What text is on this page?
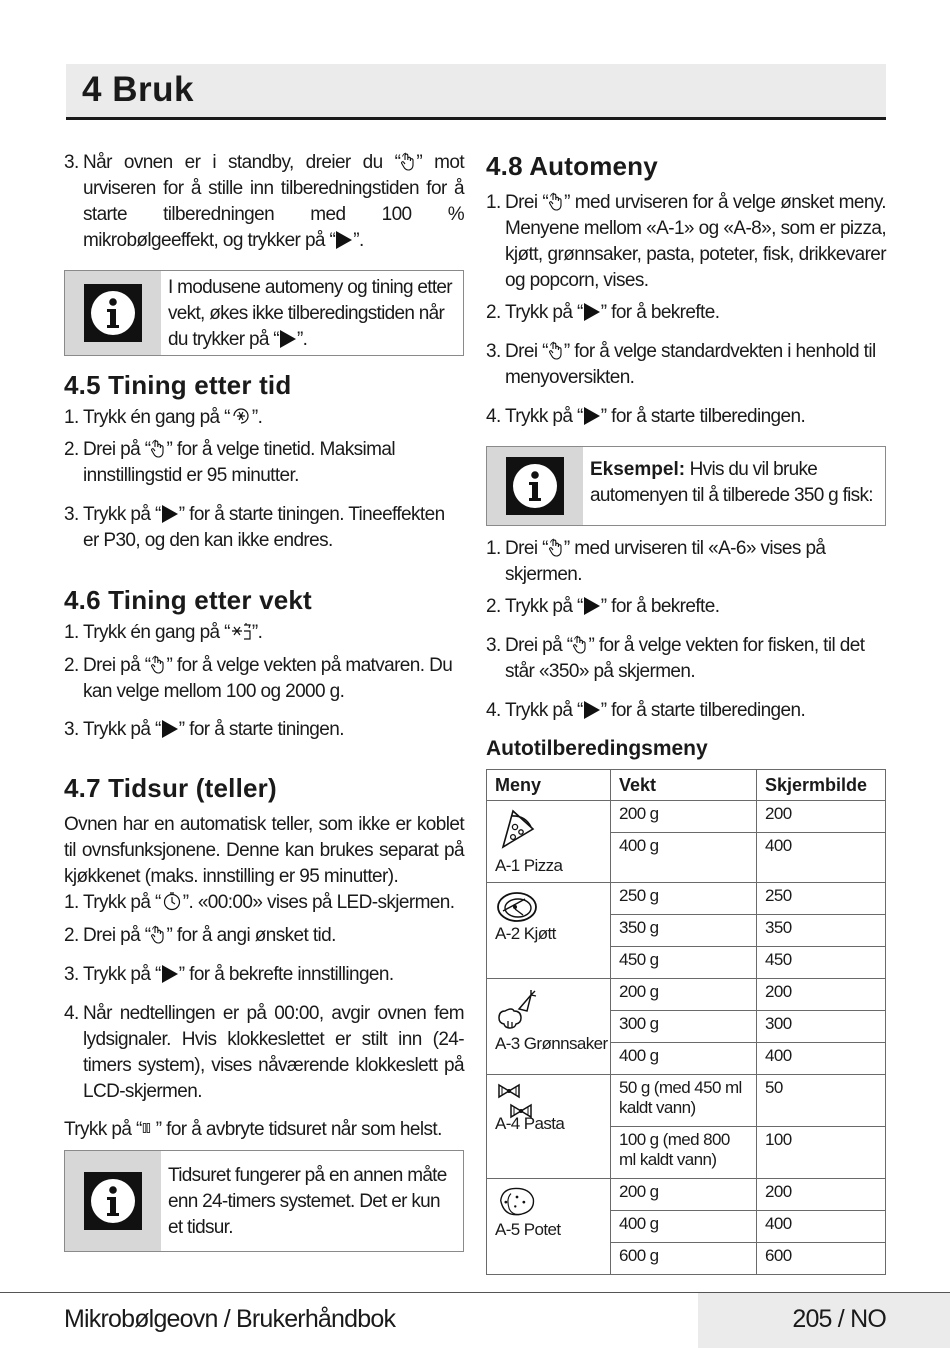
4 Bruk
3. Når ovnen er i standby, dreier du “ ” mot urviseren for å stille inn tilberedningstiden for å starte tilberedningen med 100 % mikrobølgeeffekt, og trykker på “ ”.
I modusene automeny og tining etter vekt, økes ikke tilberedingstiden når du trykker på “ ”.
4.5 Tining etter tid
1. Trykk én gang på “ ”.
2. Drei på “ ” for å velge tinetid. Maksimal innstillingstid er 95 minutter.
3. Trykk på “ ” for å starte tiningen. Tineeffekten er P30, og den kan ikke endres.
4.6 Tining etter vekt
1. Trykk én gang på “ ”.
2. Drei på “ ” for å velge vekten på matvaren. Du kan velge mellom 100 og 2000 g.
3. Trykk på “ ” for å starte tiningen.
4.7 Tidsur (teller)
Ovnen har en automatisk teller, som ikke er koblet til ovnsfunksjonene. Denne kan brukes separat på kjøkkenet (maks. innstilling er 95 minutter).
1. Trykk på “ ”. «00:00» vises på LED-skjermen.
2. Drei på “ ” for å angi ønsket tid.
3. Trykk på “ ” for å bekrefte innstillingen.
4. Når nedtellingen er på 00:00, avgir ovnen fem lydsignaler. Hvis klokkeslettet er stilt inn (24-timers system), vises nåværende klokkeslett på LCD-skjermen.
Trykk på “ ” for å avbryte tidsuret når som helst.
Tidsuret fungerer på en annen måte enn 24-timers systemet. Det er kun et tidsur.
4.8 Automeny
1. Drei “ ” med urviseren for å velge ønsket meny. Menyene mellom «A-1» og «A-8», som er pizza, kjøtt, grønnsaker, pasta, poteter, fisk, drikkevarer og popcorn, vises.
2. Trykk på “ ” for å bekrefte.
3. Drei “ ” for å velge standardvekten i henhold til menyoversikten.
4. Trykk på “ ” for å starte tilberedingen.
Eksempel: Hvis du vil bruke automenyen til å tilberede 350 g fisk:
1. Drei “ ” med urviseren til «A-6» vises på skjermen.
2. Trykk på “ ” for å bekrefte.
3. Drei på “ ” for å velge vekten for fisken, til det står «350» på skjermen.
4. Trykk på “ ” for å starte tilberedingen.
Autotilberedingsmeny
Meny	Vekt	Skjermbilde

A-1 Pizza	200 g	200
	400 g	400

A-2 Kjøtt	250 g	250
	350 g	350
	450 g	450

A-3 Grønnsaker	200 g	200
	300 g	300
	400 g	400

A-4 Pasta	50 g (med 450 ml kaldt vann)	50
	100 g (med 800 ml kaldt vann)	100

A-5 Potet	200 g	200
	400 g	400
	600 g	600
Mikrobølgeovn / Brukerhåndbok	205 / NO
